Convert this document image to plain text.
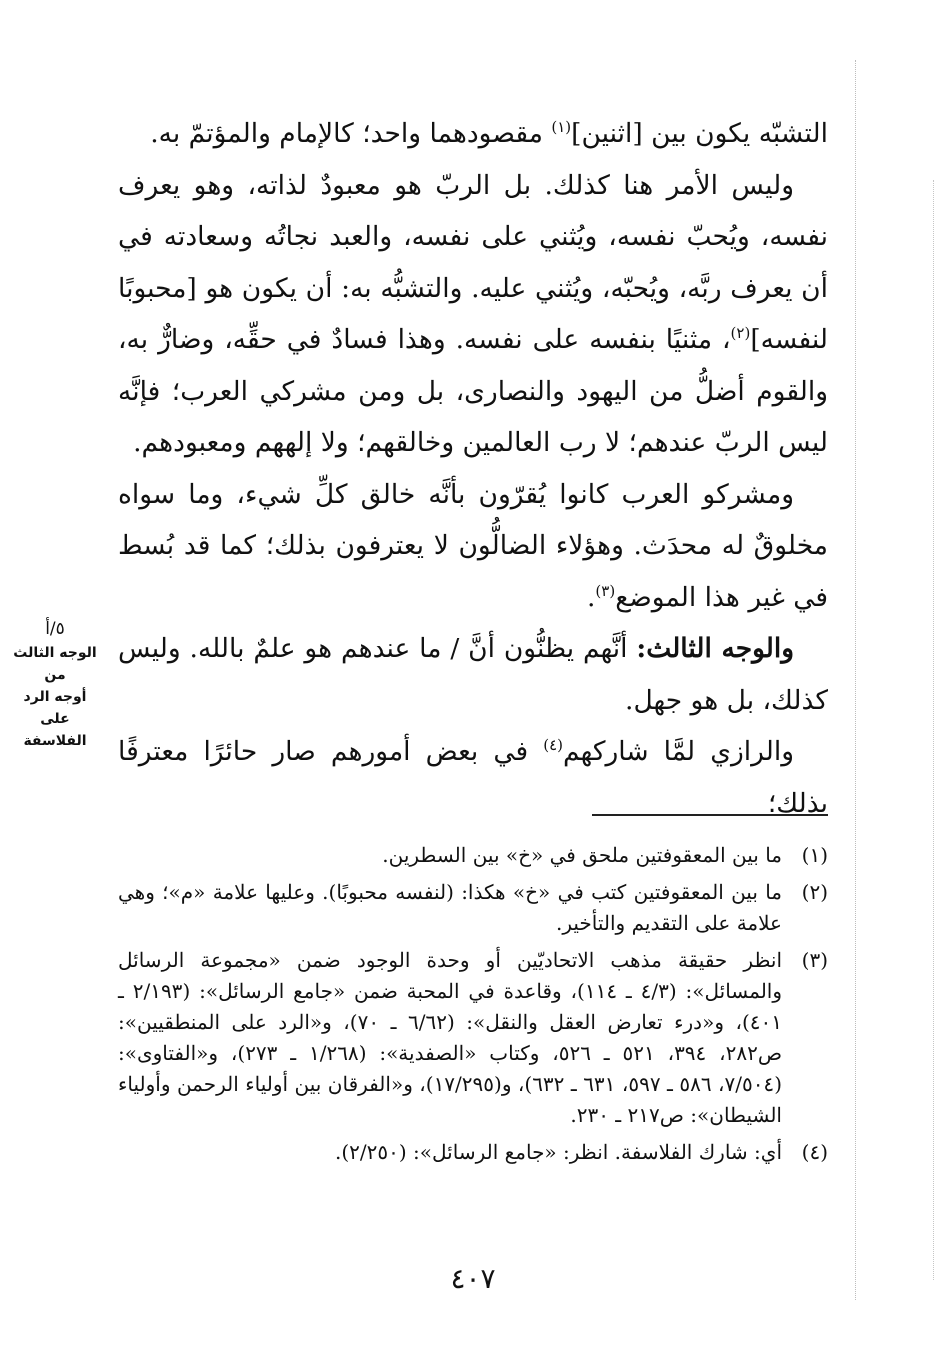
التشبّه يكون بين [اثنين]$^{(١)}$ مقصودهما واحد؛ كالإمام والمؤتمّ به.

وليس الأمر هنا كذلك. بل الربّ هو معبودٌ لذاته، وهو يعرف نفسه، ويُحبّ نفسه، ويُثني على نفسه، والعبد نجاتُه وسعادته في أن يعرف ربَّه، ويُحبّه، ويُثني عليه. والتشبُّه به: أن يكون هو [محبوبًا لنفسه]$^{(٢)}$، مثنيًا بنفسه على نفسه. وهذا فسادٌ في حقِّه، وضارٌّ به، والقوم أضلُّ من اليهود والنصارى، بل ومن مشركي العرب؛ فإنَّه ليس الربّ عندهم؛ لا رب العالمين وخالقهم؛ ولا إلههم ومعبودهم.

ومشركو العرب كانوا يُقرّون بأنَّه خالق كلِّ شيء، وما سواه مخلوقٌ له محدَث. وهؤلاء الضالُّون لا يعترفون بذلك؛ كما قد بُسط في غير هذا الموضع$^{(٣)}$.

والوجه الثالث: أنَّهم يظنُّون أنَّ / ما عندهم هو علمٌ بالله. وليس كذلك، بل هو جهل.

والرازي لمَّا شاركهم$^{(٤)}$ في بعض أمورهم صار حائرًا معترفًا بذلك؛

٥/أ
الوجه الثالث من
أوجه الرد على
الفلاسفة
(١)
ما بين المعقوفتين ملحق في «خ» بين السطرين.
(٢)
ما بين المعقوفتين كتب في «خ» هكذا: (لنفسه محبوبًا). وعليها علامة «م»؛ وهي علامة على التقديم والتأخير.
(٣)
انظر حقيقة مذهب الاتحاديّين أو وحدة الوجود ضمن «مجموعة الرسائل والمسائل»: (٤/٣ ـ ١١٤)، وقاعدة في المحبة ضمن «جامع الرسائل»: (٢/١٩٣ ـ ٤٠١)، و«درء تعارض العقل والنقل»: (٦/٦٢ ـ ٧٠)، و«الرد على المنطقيين»: ص٢٨٢، ٣٩٤، ٥٢١ ـ ٥٢٦، وكتاب «الصفدية»: (١/٢٦٨ ـ ٢٧٣)، و«الفتاوى»: (٧/٥٠٤، ٥٨٦ ـ ٥٩٧، ٦٣١ ـ ٦٣٢)، و(١٧/٢٩٥)، و«الفرقان بين أولياء الرحمن وأولياء الشيطان»: ص٢١٧ ـ ٢٣٠.
(٤)
أي: شارك الفلاسفة. انظر: «جامع الرسائل»: (٢/٢٥٠).
٤٠٧
